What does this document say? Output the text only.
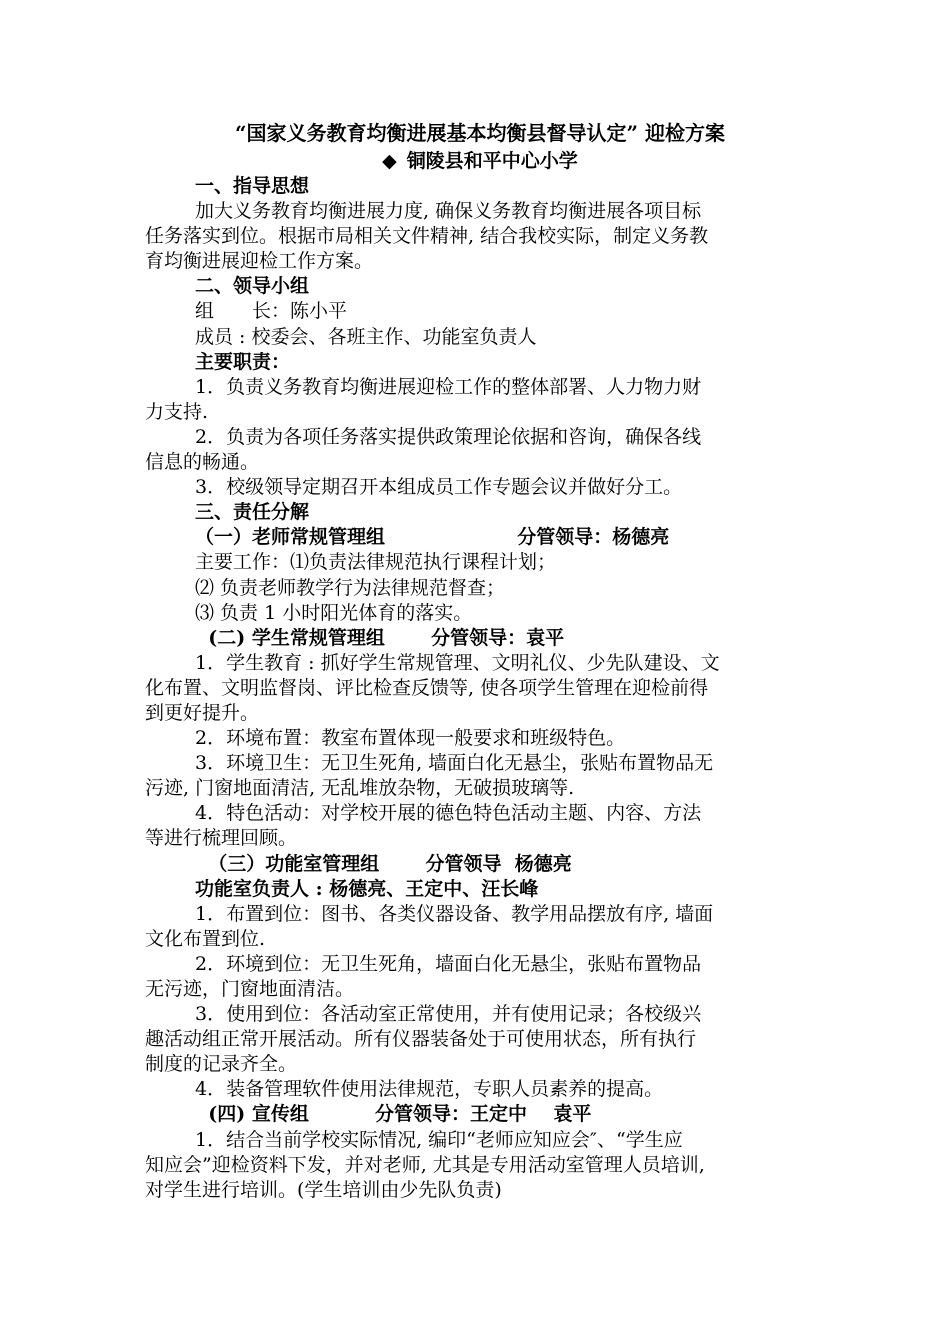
“国家义务教育均衡进展基本均衡县督导认定” 迎检方案
◆ 铜陵县和平中心小学
一、指导思想
加大义务教育均衡进展力度, 确保义务教育均衡进展各项目标
任务落实到位。根据市局相关文件精神, 结合我校实际，制定义务教
育均衡进展迎检工作方案。
二、领导小组
组　　长：陈小平
成员 : 校委会、各班主作、功能室负责人
主要职责：
1．负责义务教育均衡进展迎检工作的整体部署、人力物力财
力支持.
2．负责为各项任务落实提供政策理论依据和咨询，确保各线
信息的畅通。
3．校级领导定期召开本组成员工作专题会议并做好分工。
三、责任分解
（一）老师常规管理组                    分管领导：杨德亮
主要工作：⑴负责法律规范执行课程计划；
⑵ 负责老师教学行为法律规范督查；
⑶ 负责 1 小时阳光体育的落实。
(二) 学生常规管理组       分管领导：袁平
1．学生教育 : 抓好学生常规管理、文明礼仪、少先队建设、文
化布置、文明监督岗、评比检查反馈等, 使各项学生管理在迎检前得
到更好提升。
2．环境布置：教室布置体现一般要求和班级特色。
3．环境卫生：无卫生死角, 墙面白化无悬尘，张贴布置物品无
污迹, 门窗地面清洁, 无乱堆放杂物，无破损玻璃等.
4．特色活动：对学校开展的德色特色活动主题、内容、方法
等进行梳理回顾。
（三）功能室管理组       分管领导  杨德亮
功能室负责人 : 杨德亮、王定中、汪长峰
1．布置到位：图书、各类仪器设备、教学用品摆放有序, 墙面
文化布置到位.
2．环境到位：无卫生死角，墙面白化无悬尘，张贴布置物品
无污迹，门窗地面清洁。
3．使用到位：各活动室正常使用，并有使用记录；各校级兴
趣活动组正常开展活动。所有仪器装备处于可使用状态，所有执行
制度的记录齐全。
4．装备管理软件使用法律规范，专职人员素养的提高。
(四) 宣传组          分管领导：王定中    袁平
1．结合当前学校实际情况, 编印“老师应知应会″、“学生应
知应会”迎检资料下发，并对老师, 尤其是专用活动室管理人员培训,
对学生进行培训。(学生培训由少先队负责)
